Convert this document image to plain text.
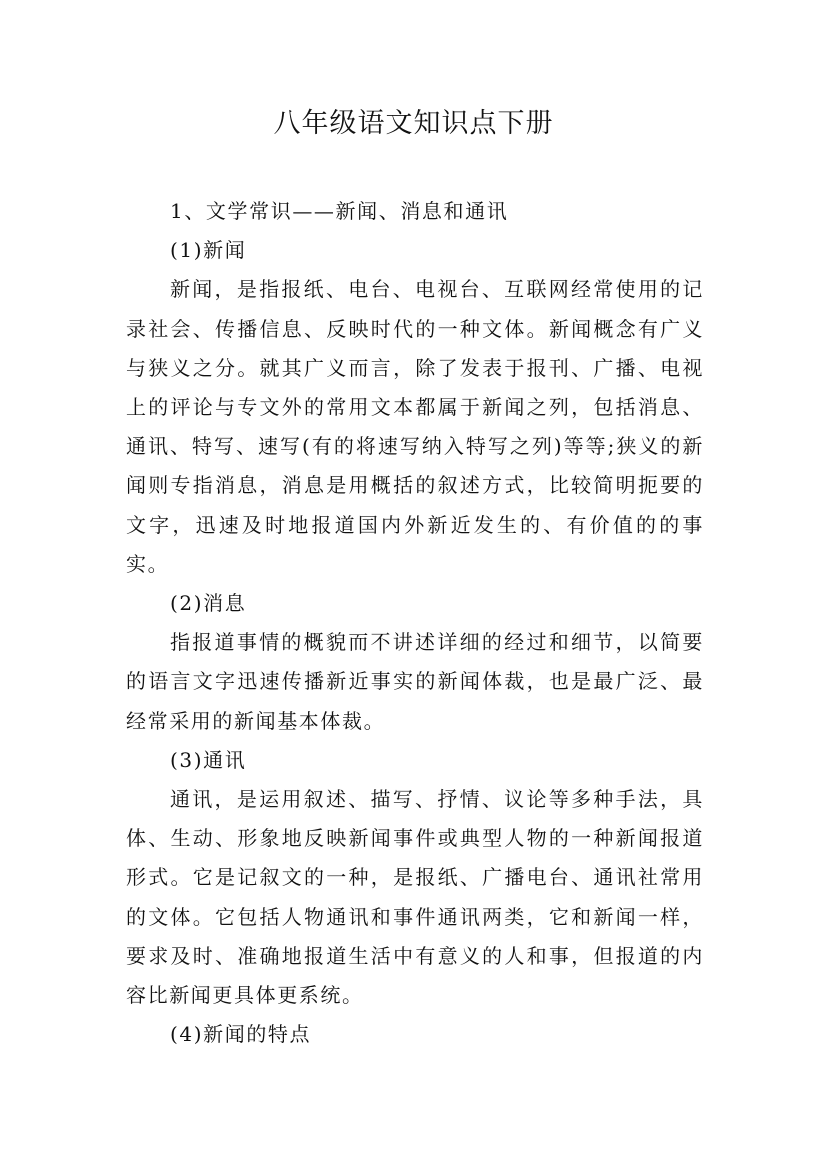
八年级语文知识点下册

1、文学常识——新闻、消息和通讯

(1)新闻

新闻，是指报纸、电台、电视台、互联网经常使用的记录社会、传播信息、反映时代的一种文体。新闻概念有广义与狭义之分。就其广义而言，除了发表于报刊、广播、电视上的评论与专文外的常用文本都属于新闻之列，包括消息、通讯、特写、速写(有的将速写纳入特写之列)等等;狭义的新闻则专指消息，消息是用概括的叙述方式，比较简明扼要的文字，迅速及时地报道国内外新近发生的、有价值的的事实。

(2)消息

指报道事情的概貌而不讲述详细的经过和细节，以简要的语言文字迅速传播新近事实的新闻体裁，也是最广泛、最经常采用的新闻基本体裁。

(3)通讯

通讯，是运用叙述、描写、抒情、议论等多种手法，具体、生动、形象地反映新闻事件或典型人物的一种新闻报道形式。它是记叙文的一种，是报纸、广播电台、通讯社常用的文体。它包括人物通讯和事件通讯两类，它和新闻一样，要求及时、准确地报道生活中有意义的人和事，但报道的内容比新闻更具体更系统。

(4)新闻的特点
